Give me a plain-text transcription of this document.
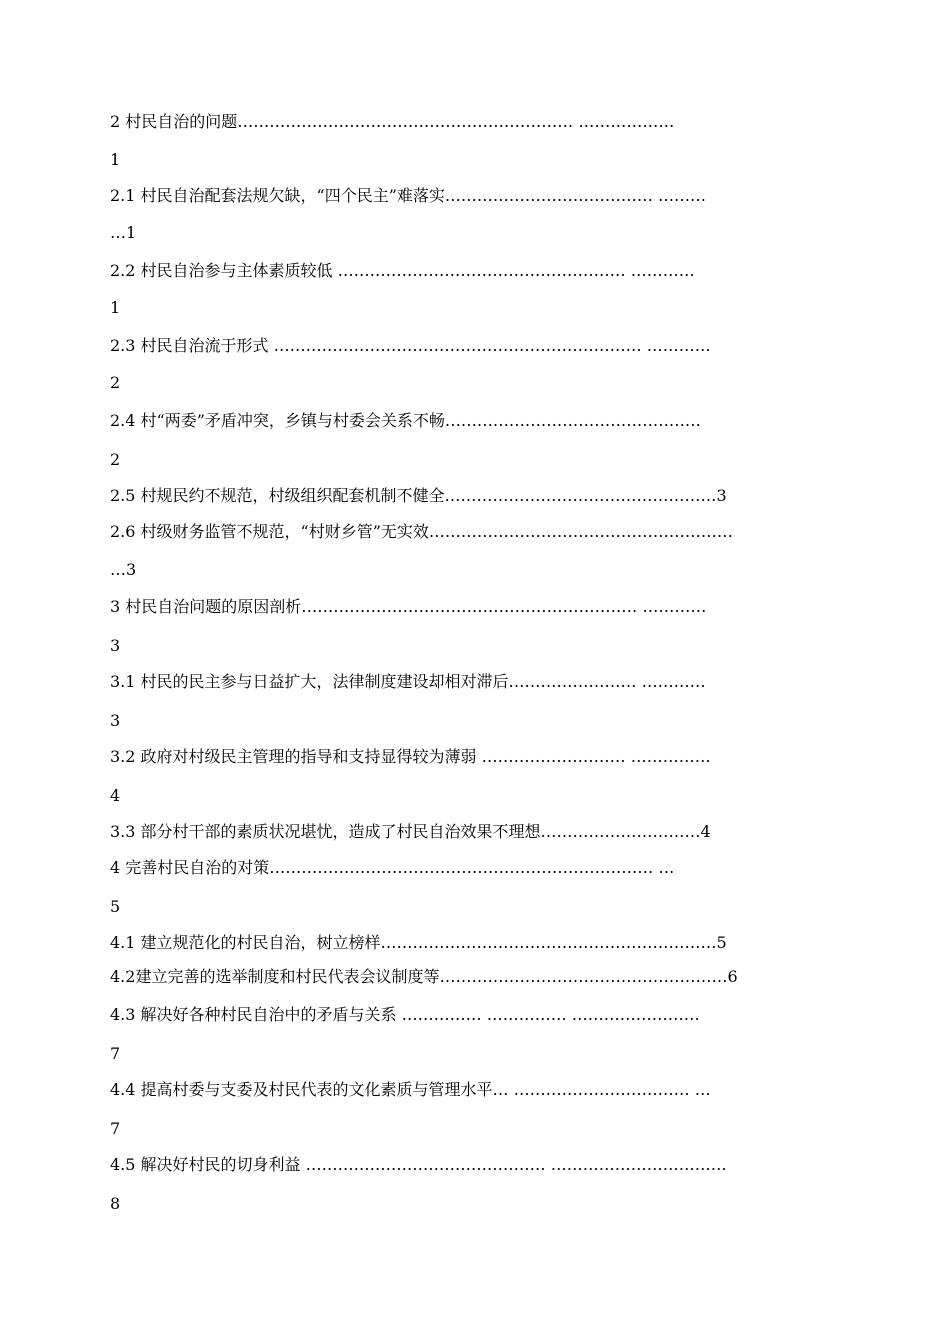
2 村民自治的问题……………………………………………………… ………………
1
2.1 村民自治配套法规欠缺，“四个民主”难落实………………………………… ………
…1
2.2 村民自治参与主体素质较低 ……………………………………………… …………
1
2.3 村民自治流于形式 …………………………………………………………… …………
2
2.4 村“两委”矛盾冲突，乡镇与村委会关系不畅…………………………………………
2
2.5 村规民约不规范，村级组织配套机制不健全……………………………………………3
2.6 村级财务监管不规范，“村财乡管”无实效…………………………………………………
…3
3 村民自治问题的原因剖析……………………………………………………… …………
3
3.1 村民的民主参与日益扩大，法律制度建设却相对滞后…………………… …………
3
3.2 政府对村级民主管理的指导和支持显得较为薄弱 ……………………… ……………
4
3.3 部分村干部的素质状况堪忧，造成了村民自治效果不理想…………………………4
4 完善村民自治的对策……………………………………………………………… …
5
4.1 建立规范化的村民自治，树立榜样………………………………………………………5
4.2建立完善的选举制度和村民代表会议制度等………………………………………………6
4.3 解决好各种村民自治中的矛盾与关系 …………… …………… ……………………
7
4.4 提高村委与支委及村民代表的文化素质与管理水平… …………………………… …
7
4.5 解决好村民的切身利益 ……………………………………… ……………………………
8
